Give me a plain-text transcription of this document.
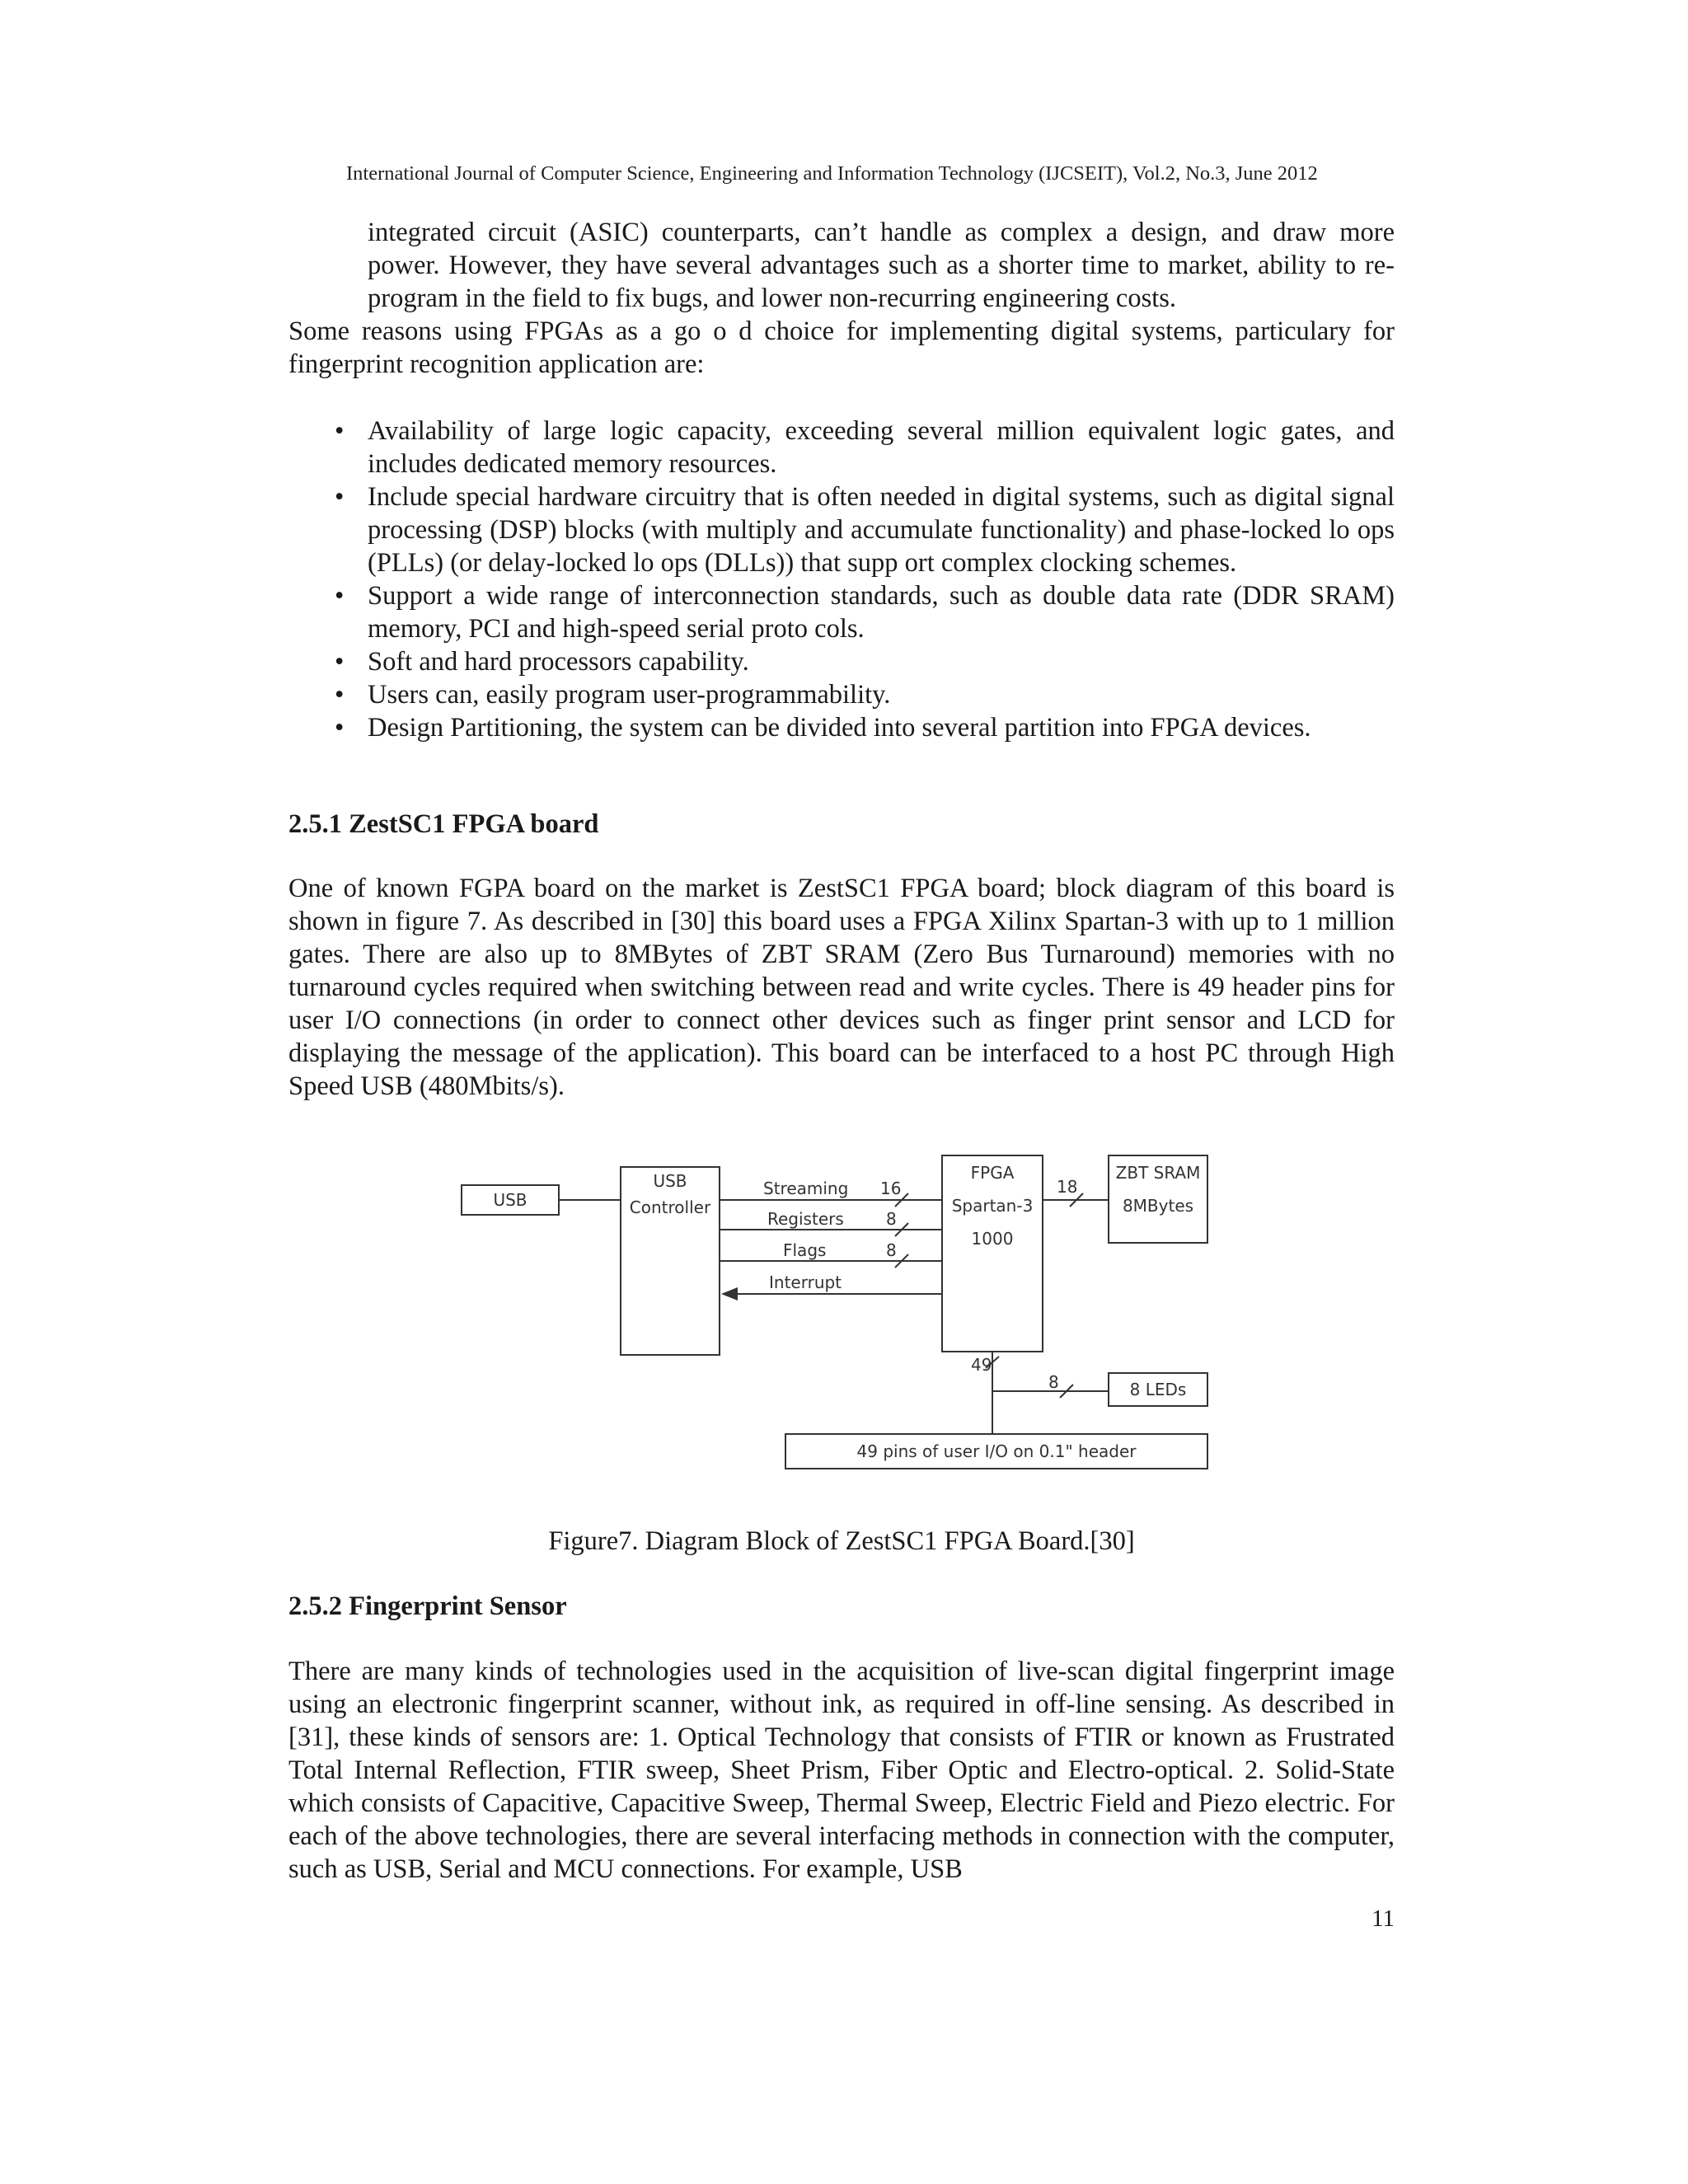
International Journal of Computer Science, Engineering and Information Technology (IJCSEIT), Vol.2, No.3, June 2012

integrated circuit (ASIC) counterparts, can’t handle as complex a design, and draw more power. However, they have several advantages such as a shorter time to market, ability to re-program in the field to fix bugs, and lower non-recurring engineering costs.

Some reasons using FPGAs as a go o d choice for implementing digital systems, particulary for fingerprint recognition application are:

• Availability of large logic capacity, exceeding several million equivalent logic gates, and includes dedicated memory resources.
• Include special hardware circuitry that is often needed in digital systems, such as digital signal processing (DSP) blocks (with multiply and accumulate functionality) and phase-locked lo ops (PLLs) (or delay-locked lo ops (DLLs)) that supp ort complex clocking schemes.
• Support a wide range of interconnection standards, such as double data rate (DDR SRAM) memory, PCI and high-speed serial proto cols.
• Soft and hard processors capability.
• Users can, easily program user-programmability.
• Design Partitioning, the system can be divided into several partition into FPGA devices.
2.5.1 ZestSC1 FPGA board

One of known FGPA board on the market is ZestSC1 FPGA board; block diagram of this board is shown in figure 7. As described in [30] this board uses a FPGA Xilinx Spartan-3 with up to 1 million gates. There are also up to 8MBytes of ZBT SRAM (Zero Bus Turnaround) memories with no turnaround cycles required when switching between read and write cycles. There is 49 header pins for user I/O connections (in order to connect other devices such as finger print sensor and LCD for displaying the message of the application). This board can be interfaced to a host PC through High Speed USB (480Mbits/s).

USB
USB
Controller
FPGA
Spartan-3
1000
ZBT SRAM
8MBytes
8 LEDs
49 pins of user I/O on 0.1" header
Streaming
Registers
Flags
Interrupt
16
8
8
18
49
8
Figure7. Diagram Block of ZestSC1 FPGA Board.[30]
2.5.2 Fingerprint Sensor

There are many kinds of technologies used in the acquisition of live-scan digital fingerprint image using an electronic fingerprint scanner, without ink, as required in off-line sensing. As described in [31], these kinds of sensors are: 1. Optical Technology that consists of FTIR or known as Frustrated Total Internal Reflection, FTIR sweep, Sheet Prism, Fiber Optic and Electro-optical. 2. Solid-State which consists of Capacitive, Capacitive Sweep, Thermal Sweep, Electric Field and Piezo electric. For each of the above technologies, there are several interfacing methods in connection with the computer, such as USB, Serial and MCU connections. For example, USB

11
